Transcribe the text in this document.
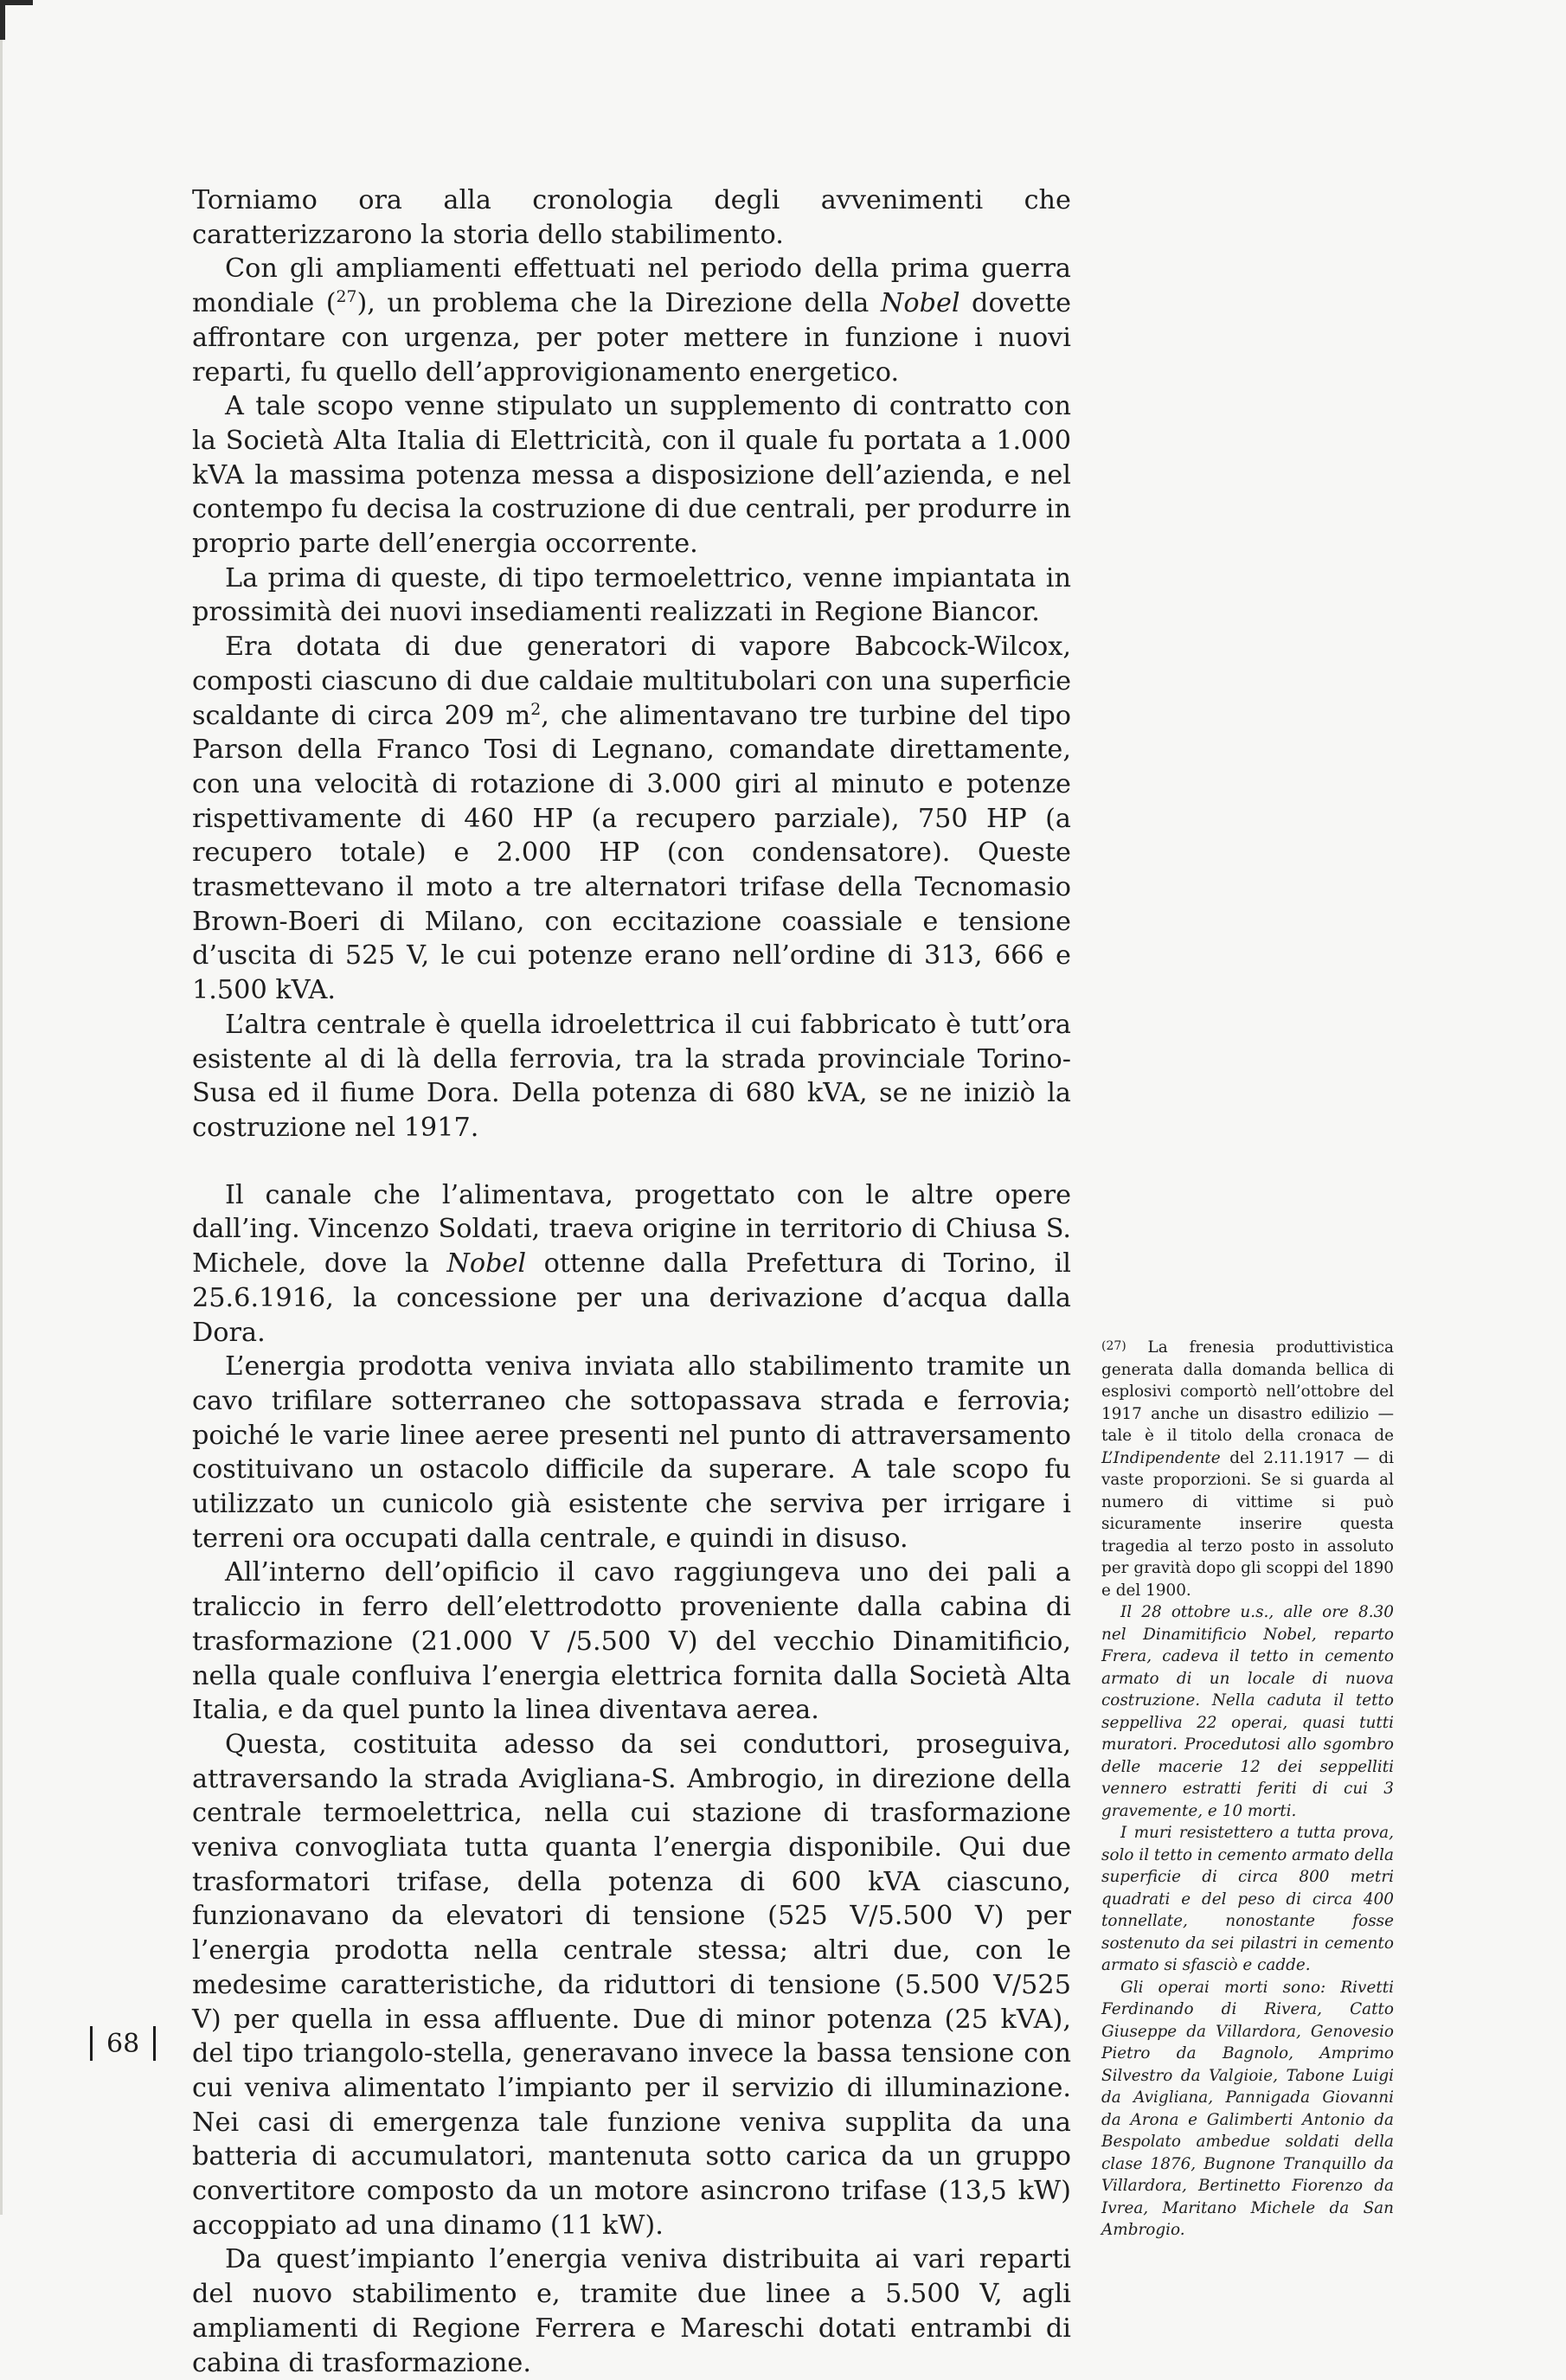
Torniamo ora alla cronologia degli avvenimenti che caratterizzarono la storia dello stabilimento.

Con gli ampliamenti effettuati nel periodo della prima guerra mondiale ($^{27}$), un problema che la Direzione della Nobel dovette affrontare con urgenza, per poter mettere in funzione i nuovi reparti, fu quello dell’approvigionamento energetico.

A tale scopo venne stipulato un supplemento di contratto con la Società Alta Italia di Elettricità, con il quale fu portata a 1.000 kVA la massima potenza messa a disposizione dell’azienda, e nel contempo fu decisa la costruzione di due centrali, per produrre in proprio parte dell’energia occorrente.

La prima di queste, di tipo termoelettrico, venne impiantata in prossimità dei nuovi insediamenti realizzati in Regione Biancor.

Era dotata di due generatori di vapore Babcock-Wilcox, composti ciascuno di due caldaie multitubolari con una superficie scaldante di circa 209 $m^2$, che alimentavano tre turbine del tipo Parson della Franco Tosi di Legnano, comandate direttamente, con una velocità di rotazione di 3.000 giri al minuto e potenze rispettivamente di 460 HP (a recupero parziale), 750 HP (a recupero totale) e 2.000 HP (con condensatore). Queste trasmettevano il moto a tre alternatori trifase della Tecnomasio Brown-Boeri di Milano, con eccitazione coassiale e tensione d’uscita di 525 V, le cui potenze erano nell’ordine di 313, 666 e 1.500 kVA.

L’altra centrale è quella idroelettrica il cui fabbricato è tutt’ora esistente al di là della ferrovia, tra la strada provinciale Torino-Susa ed il fiume Dora. Della potenza di 680 kVA, se ne iniziò la costruzione nel 1917.

Il canale che l’alimentava, progettato con le altre opere dall’ing. Vincenzo Soldati, traeva origine in territorio di Chiusa S. Michele, dove la Nobel ottenne dalla Prefettura di Torino, il 25.6.1916, la concessione per una derivazione d’acqua dalla Dora.

L’energia prodotta veniva inviata allo stabilimento tramite un cavo trifilare sotterraneo che sottopassava strada e ferrovia; poiché le varie linee aeree presenti nel punto di attraversamento costituivano un ostacolo difficile da superare. A tale scopo fu utilizzato un cunicolo già esistente che serviva per irrigare i terreni ora occupati dalla centrale, e quindi in disuso.

All’interno dell’opificio il cavo raggiungeva uno dei pali a traliccio in ferro dell’elettrodotto proveniente dalla cabina di trasformazione (21.000 V /5.500 V) del vecchio Dinamitificio, nella quale confluiva l’energia elettrica fornita dalla Società Alta Italia, e da quel punto la linea diventava aerea.

Questa, costituita adesso da sei conduttori, proseguiva, attraversando la strada Avigliana-S. Ambrogio, in direzione della centrale termoelettrica, nella cui stazione di trasformazione veniva convogliata tutta quanta l’energia disponibile. Qui due trasformatori trifase, della potenza di 600 kVA ciascuno, funzionavano da elevatori di tensione (525 V/5.500 V) per l’energia prodotta nella centrale stessa; altri due, con le medesime caratteristiche, da riduttori di tensione (5.500 V/525 V) per quella in essa affluente. Due di minor potenza (25 kVA), del tipo triangolo-stella, generavano invece la bassa tensione con cui veniva alimentato l’impianto per il servizio di illuminazione. Nei casi di emergenza tale funzione veniva supplita da una batteria di accumulatori, mantenuta sotto carica da un gruppo convertitore composto da un motore asincrono trifase (13,5 kW) accoppiato ad una dinamo (11 kW).

Da quest’impianto l’energia veniva distribuita ai vari reparti del nuovo stabilimento e, tramite due linee a 5.500 V, agli ampliamenti di Regione Ferrera e Mareschi dotati entrambi di cabina di trasformazione.

(27) La frenesia produttivistica generata dalla domanda bellica di esplosivi comportò nell’ottobre del 1917 anche un disastro edilizio — tale è il titolo della cronaca de L’Indipendente del 2.11.1917 — di vaste proporzioni. Se si guarda al numero di vittime si può sicuramente inserire questa tragedia al terzo posto in assoluto per gravità dopo gli scoppi del 1890 e del 1900.

Il 28 ottobre u.s., alle ore 8.30 nel Dinamitificio Nobel, reparto Frera, cadeva il tetto in cemento armato di un locale di nuova costruzione. Nella caduta il tetto seppelliva 22 operai, quasi tutti muratori. Procedutosi allo sgombro delle macerie 12 dei seppelliti vennero estratti feriti di cui 3 gravemente, e 10 morti.

I muri resistettero a tutta prova, solo il tetto in cemento armato della superficie di circa 800 metri quadrati e del peso di circa 400 tonnellate, nonostante fosse sostenuto da sei pilastri in cemento armato si sfasciò e cadde.

Gli operai morti sono: Rivetti Ferdinando di Rivera, Catto Giuseppe da Villardora, Genovesio Pietro da Bagnolo, Amprimo Silvestro da Valgioie, Tabone Luigi da Avigliana, Pannigada Giovanni da Arona e Galimberti Antonio da Bespolato ambedue soldati della clase 1876, Bugnone Tranquillo da Villardora, Bertinetto Fiorenzo da Ivrea, Maritano Michele da San Ambrogio.

68
